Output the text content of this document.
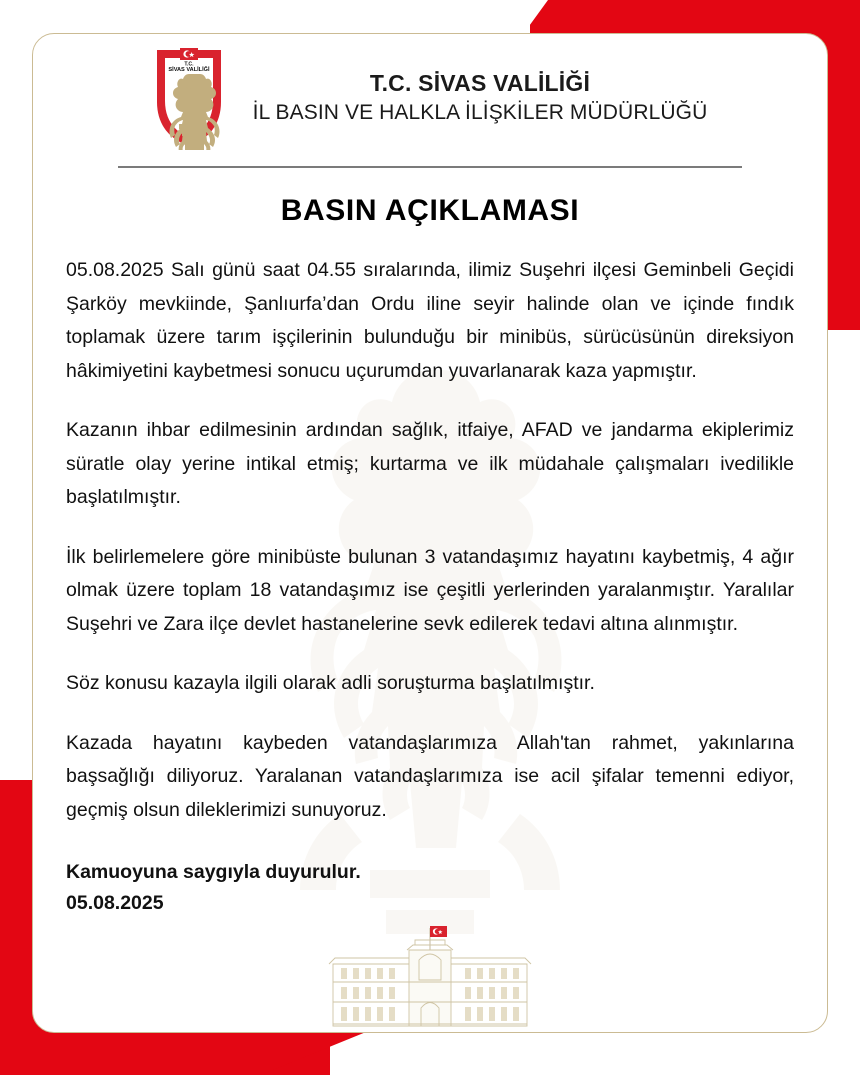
T.C.
SİVAS VALİLİĞİ	T.C. SİVAS VALİLİĞİ
İL BASIN VE HALKLA İLİŞKİLER MÜDÜRLÜĞÜ
BASIN AÇIKLAMASI

05.08.2025 Salı günü saat 04.55 sıralarında, ilimiz Suşehri ilçesi Geminbeli Geçidi Şarköy mevkiinde, Şanlıurfa’dan Ordu iline seyir halinde olan ve içinde fındık toplamak üzere tarım işçilerinin bulunduğu bir minibüs, sürücüsünün direksiyon hâkimiyetini kaybetmesi sonucu uçurumdan yuvarlanarak kaza yapmıştır.

Kazanın ihbar edilmesinin ardından sağlık, itfaiye, AFAD ve jandarma ekiplerimiz süratle olay yerine intikal etmiş; kurtarma ve ilk müdahale çalışmaları ivedilikle başlatılmıştır.

İlk belirlemelere göre minibüste bulunan 3 vatandaşımız hayatını kaybetmiş, 4 ağır olmak üzere toplam 18 vatandaşımız ise çeşitli yerlerinden yaralanmıştır. Yaralılar Suşehri ve Zara ilçe devlet hastanelerine sevk edilerek tedavi altına alınmıştır.

Söz konusu kazayla ilgili olarak adli soruşturma başlatılmıştır.

Kazada hayatını kaybeden vatandaşlarımıza Allah'tan rahmet, yakınlarına başsağlığı diliyoruz. Yaralanan vatandaşlarımıza ise acil şifalar temenni ediyor, geçmiş olsun dileklerimizi sunuyoruz.

Kamuoyuna saygıyla duyurulur.
05.08.2025
